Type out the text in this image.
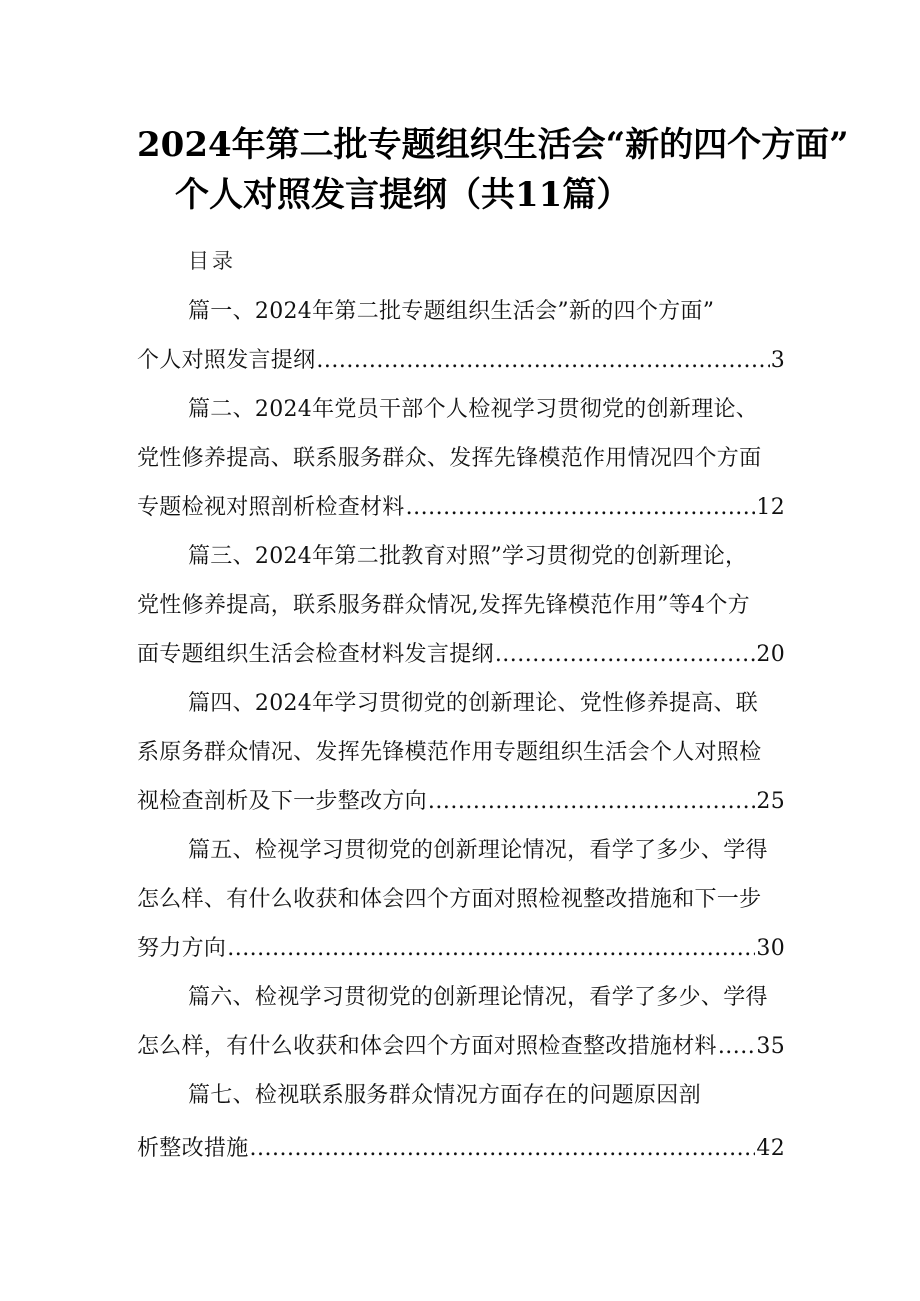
2024年第二批专题组织生活会“新的四个方面”
个人对照发言提纲（共11篇）
目录
篇一、2024年第二批专题组织生活会”新的四个方面”
个人对照发言提纲 .....	3
篇二、2024年党员干部个人检视学习贯彻党的创新理论、
党性修养提高、联系服务群众、发挥先锋模范作用情况四个方面
专题检视对照剖析检查材料 .....	12
篇三、2024年第二批教育对照”学习贯彻党的创新理论，
党性修养提高，联系服务群众情况,发挥先锋模范作用”等4个方
面专题组织生活会检查材料发言提纲 .....	20
篇四、2024年学习贯彻党的创新理论、党性修养提高、联
系原务群众情况、发挥先锋模范作用专题组织生活会个人对照检
视检查剖析及下一步整改方向 .....	25
篇五、检视学习贯彻党的创新理论情况，看学了多少、学得
怎么样、有什么收获和体会四个方面对照检视整改措施和下一步
努力方向 .....	30
篇六、检视学习贯彻党的创新理论情况，看学了多少、学得
怎么样，有什么收获和体会四个方面对照检查整改措施材料 ..... 35
篇七、检视联系服务群众情况方面存在的问题原因剖
析整改措施 .....	42
